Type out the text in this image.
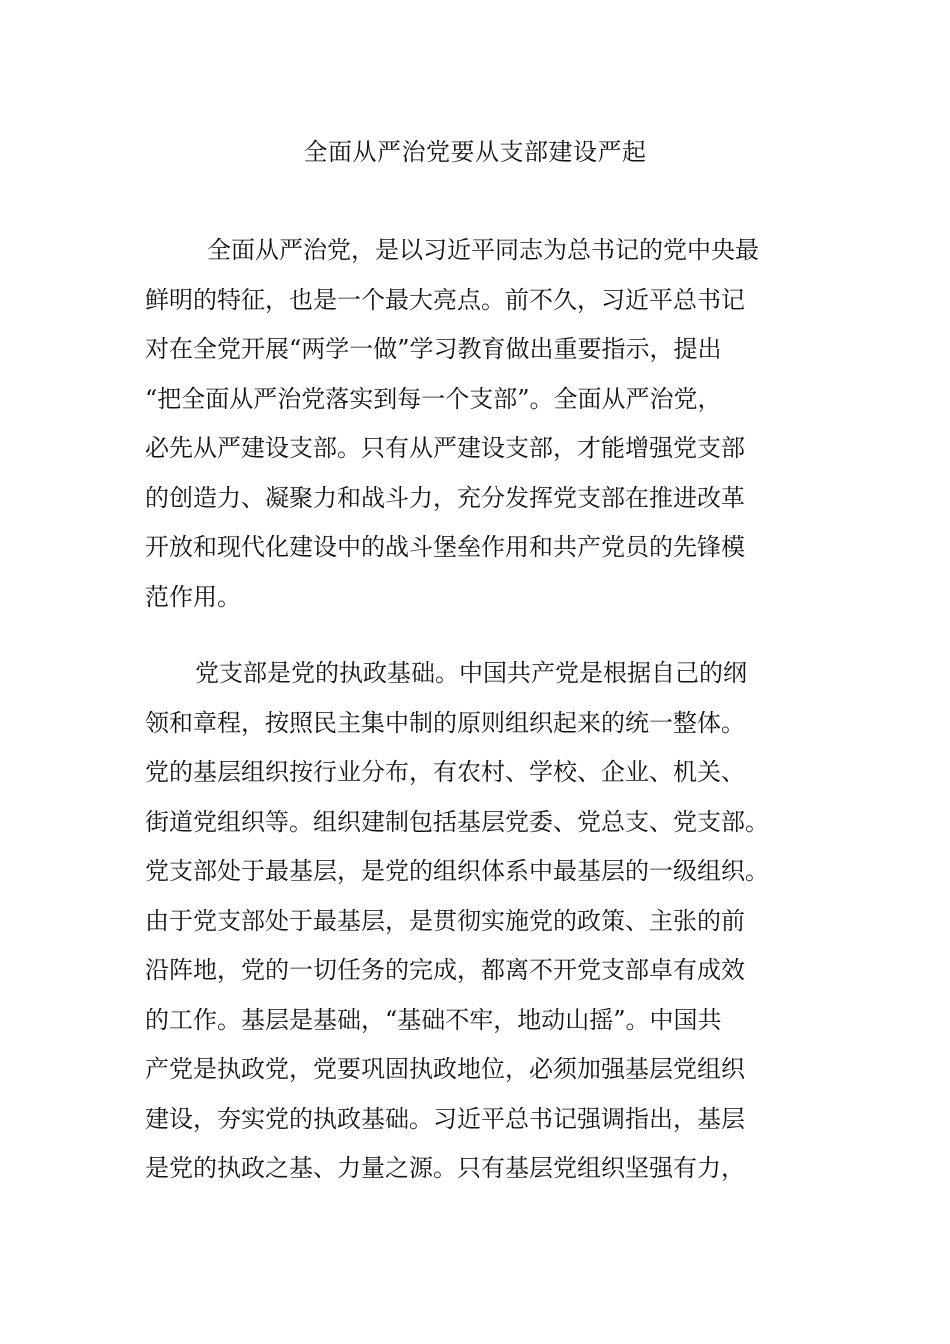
全面从严治党要从支部建设严起

全面从严治党，是以习近平同志为总书记的党中央最
鲜明的特征，也是一个最大亮点。前不久，习近平总书记
对在全党开展“两学一做”学习教育做出重要指示，提出
“把全面从严治党落实到每一个支部”。全面从严治党，
必先从严建设支部。只有从严建设支部，才能增强党支部
的创造力、凝聚力和战斗力，充分发挥党支部在推进改革
开放和现代化建设中的战斗堡垒作用和共产党员的先锋模
范作用。

党支部是党的执政基础。中国共产党是根据自己的纲
领和章程，按照民主集中制的原则组织起来的统一整体。
党的基层组织按行业分布，有农村、学校、企业、机关、
街道党组织等。组织建制包括基层党委、党总支、党支部。
党支部处于最基层，是党的组织体系中最基层的一级组织。
由于党支部处于最基层，是贯彻实施党的政策、主张的前
沿阵地，党的一切任务的完成，都离不开党支部卓有成效
的工作。基层是基础，“基础不牢，地动山摇”。中国共
产党是执政党，党要巩固执政地位，必须加强基层党组织
建设，夯实党的执政基础。习近平总书记强调指出，基层
是党的执政之基、力量之源。只有基层党组织坚强有力，
